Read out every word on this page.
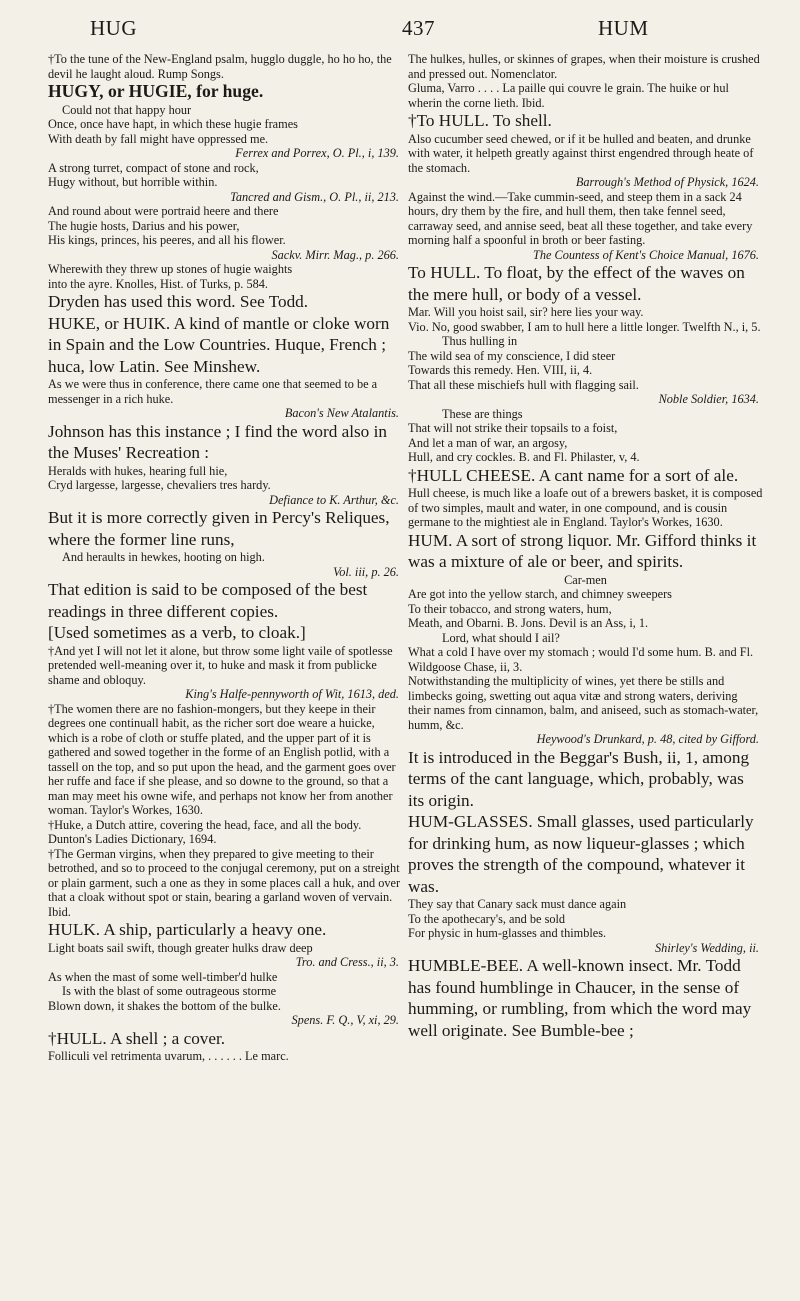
HUG	437	HUM

†To the tune of the New-England psalm, hugglo duggle, ho ho ho, the devil he laught aloud. Rump Songs.

HUGY, or HUGIE, for huge.

Could not that happy hour

Once, once have hapt, in which these hugie frames

With death by fall might have oppressed me.

Ferrex and Porrex, O. Pl., i, 139.

A strong turret, compact of stone and rock,

Hugy without, but horrible within.

Tancred and Gism., O. Pl., ii, 213.

And round about were portraid heere and there

The hugie hosts, Darius and his power,

His kings, princes, his peeres, and all his flower.

Sackv. Mirr. Mag., p. 266.

Wherewith they threw up stones of hugie waights

into the ayre. Knolles, Hist. of Turks, p. 584.

Dryden has used this word. See Todd.

HUKE, or HUIK. A kind of mantle or cloke worn in Spain and the Low Countries. Huque, French ; huca, low Latin. See Minshew.

As we were thus in conference, there came one that seemed to be a messenger in a rich huke.

Bacon's New Atalantis.

Johnson has this instance ; I find the word also in the Muses' Recreation :

Heralds with hukes, hearing full hie,

Cryd largesse, largesse, chevaliers tres hardy.

Defiance to K. Arthur, &c.

But it is more correctly given in Percy's Reliques, where the former line runs,

And heraults in hewkes, hooting on high.

Vol. iii, p. 26.

That edition is said to be composed of the best readings in three different copies.

[Used sometimes as a verb, to cloak.]

†And yet I will not let it alone, but throw some light vaile of spotlesse pretended well-meaning over it, to huke and mask it from publicke shame and obloquy.

King's Halfe-pennyworth of Wit, 1613, ded.

†The women there are no fashion-mongers, but they keepe in their degrees one continuall habit, as the richer sort doe weare a huicke, which is a robe of cloth or stuffe plated, and the upper part of it is gathered and sowed together in the forme of an English potlid, with a tassell on the top, and so put upon the head, and the garment goes over her ruffe and face if she please, and so downe to the ground, so that a man may meet his owne wife, and perhaps not know her from another woman. Taylor's Workes, 1630.

†Huke, a Dutch attire, covering the head, face, and all the body. Dunton's Ladies Dictionary, 1694.

†The German virgins, when they prepared to give meeting to their betrothed, and so to proceed to the conjugal ceremony, put on a streight or plain garment, such a one as they in some places call a huk, and over that a cloak without spot or stain, bearing a garland woven of vervain. Ibid.

HULK. A ship, particularly a heavy one.

Light boats sail swift, though greater hulks draw deep

Tro. and Cress., ii, 3.

As when the mast of some well-timber'd hulke

Is with the blast of some outrageous storme

Blown down, it shakes the bottom of the bulke.

Spens. F. Q., V, xi, 29.

†HULL. A shell ; a cover.

Folliculi vel retrimenta uvarum, . . . . . . Le marc.

The hulkes, hulles, or skinnes of grapes, when their moisture is crushed and pressed out. Nomenclator.

Gluma, Varro . . . . La paille qui couvre le grain. The huike or hul wherin the corne lieth. Ibid.

†To HULL. To shell.

Also cucumber seed chewed, or if it be hulled and beaten, and drunke with water, it helpeth greatly against thirst engendred through heate of the stomach.

Barrough's Method of Physick, 1624.

Against the wind.—Take cummin-seed, and steep them in a sack 24 hours, dry them by the fire, and hull them, then take fennel seed, carraway seed, and annise seed, beat all these together, and take every morning half a spoonful in broth or beer fasting.

The Countess of Kent's Choice Manual, 1676.

To HULL. To float, by the effect of the waves on the mere hull, or body of a vessel.

Mar. Will you hoist sail, sir? here lies your way.

Vio. No, good swabber, I am to hull here a little longer. Twelfth N., i, 5.

Thus hulling in

The wild sea of my conscience, I did steer

Towards this remedy. Hen. VIII, ii, 4.

That all these mischiefs hull with flagging sail.

Noble Soldier, 1634.

These are things

That will not strike their topsails to a foist,

And let a man of war, an argosy,

Hull, and cry cockles. B. and Fl. Philaster, v, 4.

†HULL CHEESE. A cant name for a sort of ale.

Hull cheese, is much like a loafe out of a brewers basket, it is composed of two simples, mault and water, in one compound, and is cousin germane to the mightiest ale in England. Taylor's Workes, 1630.

HUM. A sort of strong liquor. Mr. Gifford thinks it was a mixture of ale or beer, and spirits.

Car-men

Are got into the yellow starch, and chimney sweepers

To their tobacco, and strong waters, hum,

Meath, and Obarni. B. Jons. Devil is an Ass, i, 1.

Lord, what should I ail?

What a cold I have over my stomach ; would I'd some hum. B. and Fl. Wildgoose Chase, ii, 3.

Notwithstanding the multiplicity of wines, yet there be stills and limbecks going, swetting out aqua vitæ and strong waters, deriving their names from cinnamon, balm, and aniseed, such as stomach-water, humm, &c.

Heywood's Drunkard, p. 48, cited by Gifford.

It is introduced in the Beggar's Bush, ii, 1, among terms of the cant language, which, probably, was its origin.

HUM-GLASSES. Small glasses, used particularly for drinking hum, as now liqueur-glasses ; which proves the strength of the compound, whatever it was.

They say that Canary sack must dance again

To the apothecary's, and be sold

For physic in hum-glasses and thimbles.

Shirley's Wedding, ii.

HUMBLE-BEE. A well-known insect. Mr. Todd has found humblinge in Chaucer, in the sense of humming, or rumbling, from which the word may well originate. See Bumble-bee ;
